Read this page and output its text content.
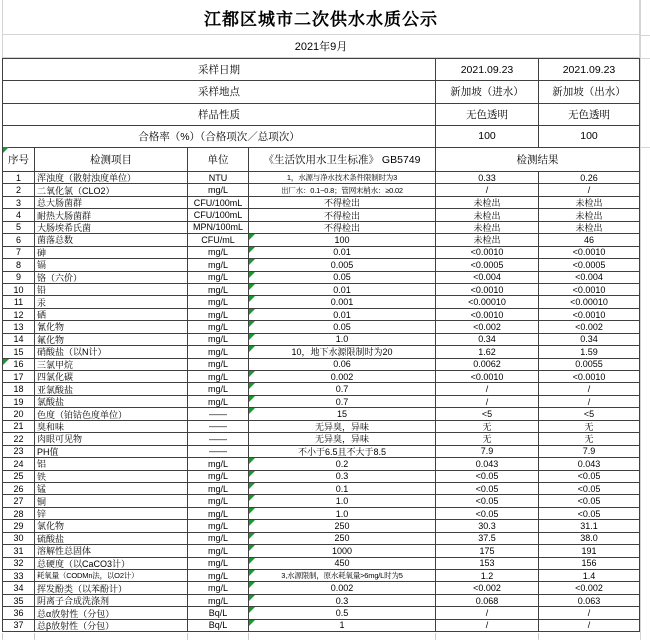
江都区城市二次供水水质公示
2021年9月
采样日期	2021.09.23	2021.09.23
采样地点	新加坡（进水）	新加坡（出水）
样品性质	无色透明	无色透明
合格率（%）（合格项次／总项次）	100	100
序号	检测项目	单位	《生活饮用水卫生标准》 GB5749	检测结果
1 浑浊度（散射浊度单位）	NTU	1，水源与净水技术条件限制时为3	0.33	0.26
2 二氧化氯（CLO2）	mg/L	出厂水：0.1~0.8；管网末梢水：≥0.02	/	/
3 总大肠菌群	CFU/100mL	不得检出	未检出	未检出
4 耐热大肠菌群	CFU/100mL	不得检出	未检出	未检出
5 大肠埃希氏菌	MPN/100mL	不得检出	未检出	未检出
6 菌落总数	CFU/mL	100	未检出	46
7 砷	mg/L	0.01	<0.0010	<0.0010
8 镉	mg/L	0.005	<0.0005	<0.0005
9 铬（六价）	mg/L	0.05	<0.004	<0.004
10 铅	mg/L	0.01	<0.0010	<0.0010
11 汞	mg/L	0.001	<0.00010	<0.00010
12 硒	mg/L	0.01	<0.0010	<0.0010
13 氰化物	mg/L	0.05	<0.002	<0.002
14 氟化物	mg/L	1.0	0.34	0.34
15 硝酸盐（以N计）	mg/L	10，地下水源限制时为20	1.62	1.59
16 三氯甲烷	mg/L	0.06	0.0062	0.0055
17 四氯化碳	mg/L	0.002	<0.0010	<0.0010
18 亚氯酸盐	mg/L	0.7	/	/
19 氯酸盐	mg/L	0.7	/	/
20 色度（铂钴色度单位）	——	15	<5	<5
21 臭和味	——	无异臭，异味	无	无
22 肉眼可见物	——	无异臭，异味	无	无
23 PH值	——	不小于6.5且不大于8.5	7.9	7.9
24 铝	mg/L	0.2	0.043	0.043
25 铁	mg/L	0.3	<0.05	<0.05
26 锰	mg/L	0.1	<0.05	<0.05
27 铜	mg/L	1.0	<0.05	<0.05
28 锌	mg/L	1.0	<0.05	<0.05
29 氯化物	mg/L	250	30.3	31.1
30 硫酸盐	mg/L	250	37.5	38.0
31 溶解性总固体	mg/L	1000	175	191
32 总硬度（以CaCO3计）	mg/L	450	153	156
33 耗氧量（CODMn法，以O2计）	mg/L	3,水源限制，原水耗氧量>6mg/L时为5	1.2	1.4
34 挥发酚类（以苯酚计）	mg/L	0.002	<0.002	<0.002
35 阴离子合成洗涤剂	mg/L	0.3	0.068	0.063
36 总α放射性（分包）	Bq/L	0.5	/	/
37 总β放射性（分包）	Bq/L	1	/	/
